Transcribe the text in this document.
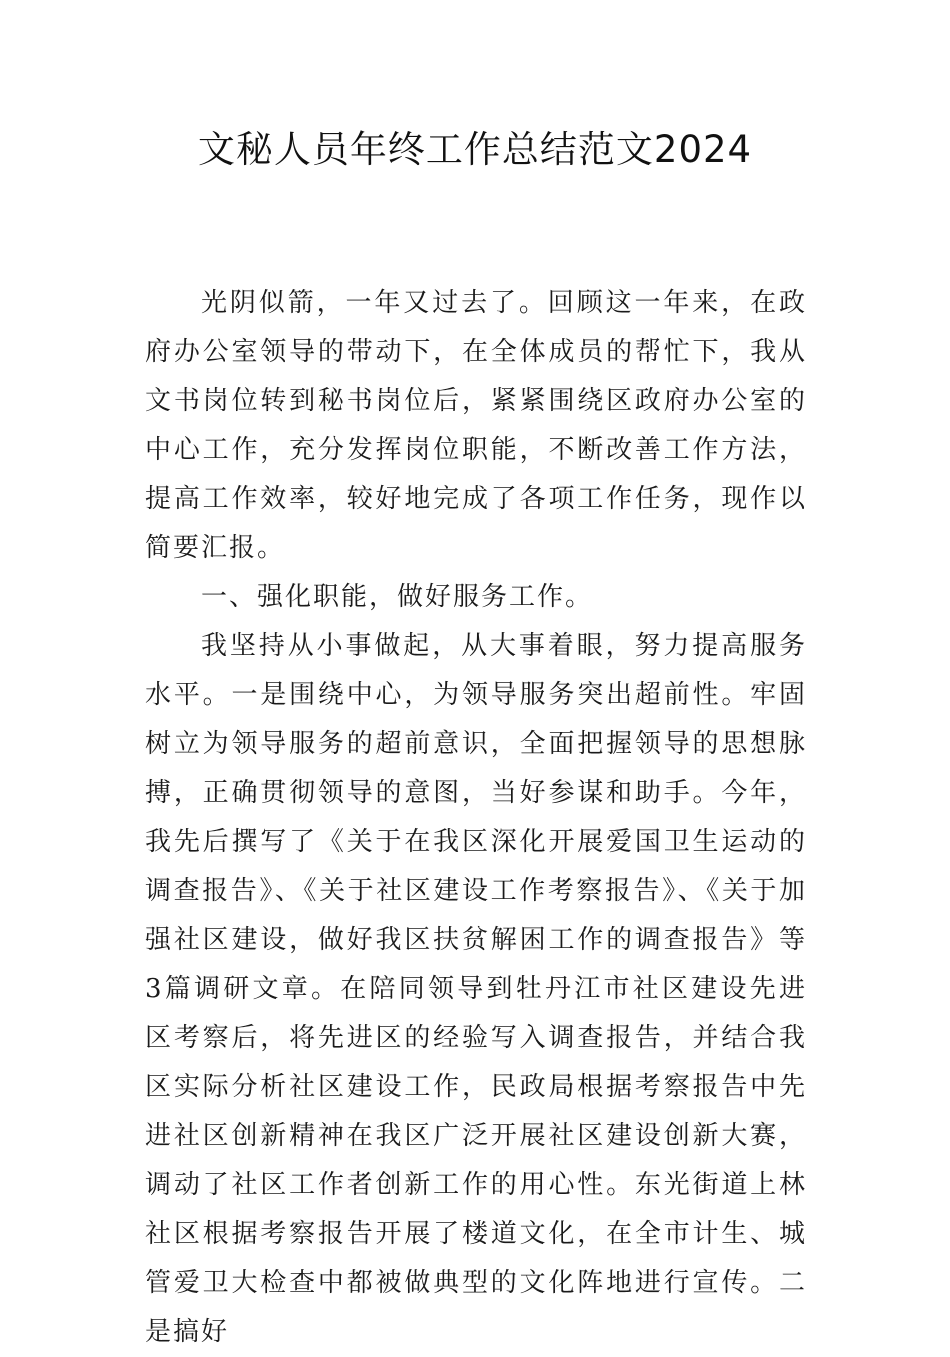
文秘人员年终工作总结范文2024

光阴似箭，一年又过去了。回顾这一年来，在政府办公室领导的带动下，在全体成员的帮忙下，我从文书岗位转到秘书岗位后，紧紧围绕区政府办公室的中心工作，充分发挥岗位职能，不断改善工作方法，提高工作效率，较好地完成了各项工作任务，现作以简要汇报。

一、强化职能，做好服务工作。

我坚持从小事做起，从大事着眼，努力提高服务水平。一是围绕中心，为领导服务突出超前性。牢固树立为领导服务的超前意识，全面把握领导的思想脉搏，正确贯彻领导的意图，当好参谋和助手。今年，我先后撰写了《关于在我区深化开展爱国卫生运动的调查报告》、《关于社区建设工作考察报告》、《关于加强社区建设，做好我区扶贫解困工作的调查报告》等3篇调研文章。在陪同领导到牡丹江市社区建设先进区考察后，将先进区的经验写入调查报告，并结合我区实际分析社区建设工作，民政局根据考察报告中先进社区创新精神在我区广泛开展社区建设创新大赛，调动了社区工作者创新工作的用心性。东光街道上林社区根据考察报告开展了楼道文化，在全市计生、城管爱卫大检查中都被做典型的文化阵地进行宣传。二是搞好
